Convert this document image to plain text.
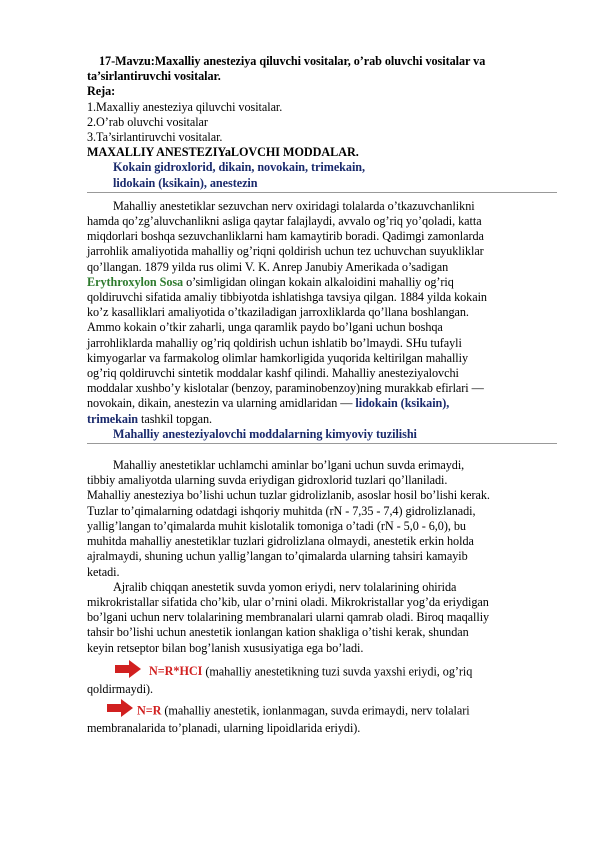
17-Mavzu:Maxalliy anesteziya qiluvchi vositalar, o’rab oluvchi vositalar va
ta’sirlantiruvchi vositalar.
Reja:
1.Maxalliy anesteziya qiluvchi vositalar.
2.O’rab oluvchi vositalar
3.Ta’sirlantiruvchi vositalar.
MAXALLIY ANESTEZIYaLOVCHI MODDALAR.
Kokain gidroxlorid, dikain, novokain, trimekain,
lidokain (ksikain), anestezin
Mahalliy anestetiklar sezuvchan nerv oxiridagi tolalarda o’tkazuvchanlikni
hamda qo’zg’aluvchanlikni asliga qaytar falajlaydi, avvalo og’riq yo’qoladi, katta
miqdorlari boshqa sezuvchanliklarni ham kamaytirib boradi. Qadimgi zamonlarda
jarrohlik amaliyotida mahalliy og’riqni qoldirish uchun tez uchuvchan suyukliklar
qo’llangan. 1879 yilda rus olimi V. K. Anrep Janubiy Amerikada o’sadigan
Erythroxylon Sosa o’simligidan olingan kokain alkaloidini mahalliy og’riq
qoldiruvchi sifatida amaliy tibbiyotda ishlatishga tavsiya qilgan. 1884 yilda kokain
ko’z kasalliklari amaliyotida o’tkaziladigan jarroxliklarda qo’llana boshlangan.
Ammo kokain o’tkir zaharli, unga qaramlik paydo bo’lgani uchun boshqa
jarrohliklarda mahalliy og’riq qoldirish uchun ishlatib bo’lmaydi. SHu tufayli
kimyogarlar va farmakolog olimlar hamkorligida yuqorida keltirilgan mahalliy
og’riq qoldiruvchi sintetik moddalar kashf qilindi. Mahalliy anesteziyalovchi
moddalar xushbo’y kislotalar (benzoy, paraminobenzoy)ning murakkab efirlari —
novokain, dikain, anestezin va ularning amidlaridan — lidokain (ksikain),
trimekain tashkil topgan.
Mahalliy anesteziyalovchi moddalarning kimyoviy tuzilishi
Mahalliy anestetiklar uchlamchi aminlar bo’lgani uchun suvda erimaydi,
tibbiy amaliyotda ularning suvda eriydigan gidroxlorid tuzlari qo’llaniladi.
Mahalliy anesteziya bo’lishi uchun tuzlar gidrolizlanib, asoslar hosil bo’lishi kerak.
Tuzlar to’qimalarning odatdagi ishqoriy muhitda (rN - 7,35 - 7,4) gidrolizlanadi,
yallig’langan to’qimalarda muhit kislotalik tomoniga o’tadi (rN - 5,0 - 6,0), bu
muhitda mahalliy anestetiklar tuzlari gidrolizlana olmaydi, anestetik erkin holda
ajralmaydi, shuning uchun yallig’langan to’qimalarda ularning tahsiri kamayib
ketadi.
Ajralib chiqqan anestetik suvda yomon eriydi, nerv tolalarining ohirida
mikrokristallar sifatida cho’kib, ular o’rnini oladi. Mikrokristallar yog’da eriydigan
bo’lgani uchun nerv tolalarining membranalari ularni qamrab oladi. Biroq maqalliy
tahsir bo’lishi uchun anestetik ionlangan kation shakliga o’tishi kerak, shundan
keyin retseptor bilan bog’lanish xususiyatiga ega bo’ladi.
N=R*HCI (mahalliy anestetikning tuzi suvda yaxshi eriydi, og’riq
qoldirmaydi).
N=R (mahalliy anestetik, ionlanmagan, suvda erimaydi, nerv tolalari
membranalarida to’planadi, ularning lipoidlarida eriydi).
